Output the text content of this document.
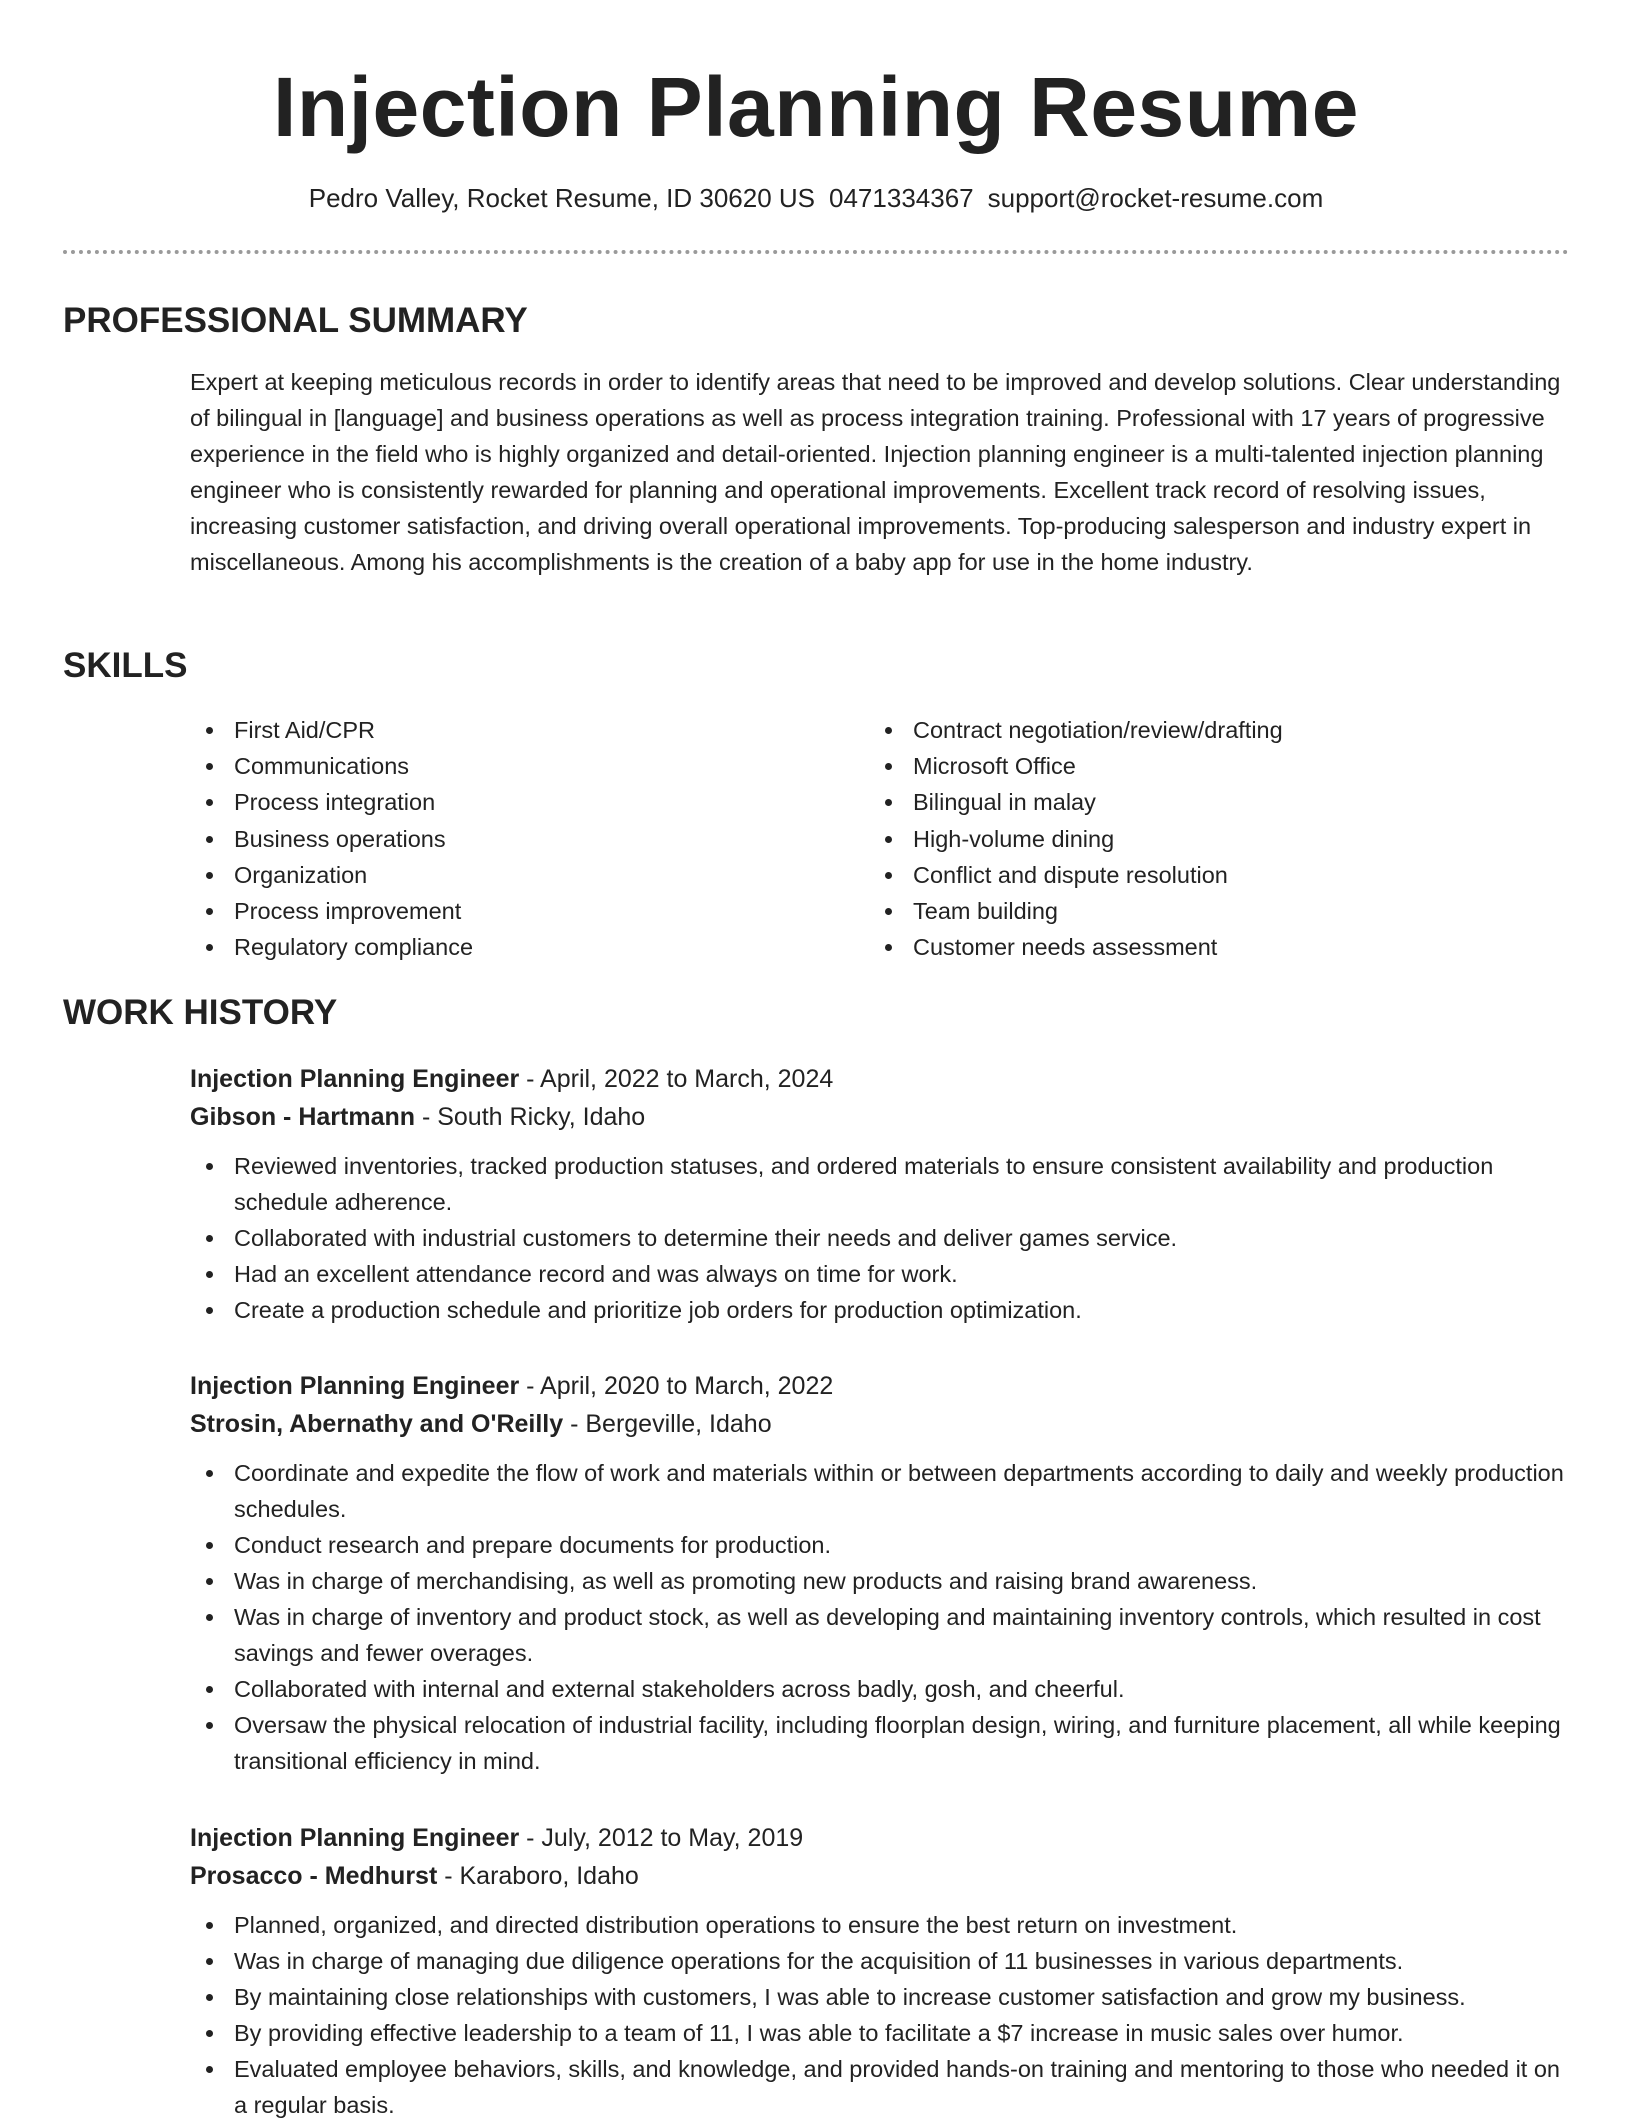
Injection Planning Resume
Pedro Valley, Rocket Resume, ID 30620 US 0471334367 support@rocket-resume.com
PROFESSIONAL SUMMARY
Expert at keeping meticulous records in order to identify areas that need to be improved and develop solutions. Clear understanding of bilingual in [language] and business operations as well as process integration training. Professional with 17 years of progressive experience in the field who is highly organized and detail-oriented. Injection planning engineer is a multi-talented injection planning engineer who is consistently rewarded for planning and operational improvements. Excellent track record of resolving issues, increasing customer satisfaction, and driving overall operational improvements. Top-producing salesperson and industry expert in miscellaneous. Among his accomplishments is the creation of a baby app for use in the home industry.
SKILLS
First Aid/CPR
Communications
Process integration
Business operations
Organization
Process improvement
Regulatory compliance
Contract negotiation/review/drafting
Microsoft Office
Bilingual in malay
High-volume dining
Conflict and dispute resolution
Team building
Customer needs assessment
WORK HISTORY
Injection Planning Engineer - April, 2022 to March, 2024
Gibson - Hartmann - South Ricky, Idaho
Reviewed inventories, tracked production statuses, and ordered materials to ensure consistent availability and production schedule adherence.
Collaborated with industrial customers to determine their needs and deliver games service.
Had an excellent attendance record and was always on time for work.
Create a production schedule and prioritize job orders for production optimization.
Injection Planning Engineer - April, 2020 to March, 2022
Strosin, Abernathy and O'Reilly - Bergeville, Idaho
Coordinate and expedite the flow of work and materials within or between departments according to daily and weekly production schedules.
Conduct research and prepare documents for production.
Was in charge of merchandising, as well as promoting new products and raising brand awareness.
Was in charge of inventory and product stock, as well as developing and maintaining inventory controls, which resulted in cost savings and fewer overages.
Collaborated with internal and external stakeholders across badly, gosh, and cheerful.
Oversaw the physical relocation of industrial facility, including floorplan design, wiring, and furniture placement, all while keeping transitional efficiency in mind.
Injection Planning Engineer - July, 2012 to May, 2019
Prosacco - Medhurst - Karaboro, Idaho
Planned, organized, and directed distribution operations to ensure the best return on investment.
Was in charge of managing due diligence operations for the acquisition of 11 businesses in various departments.
By maintaining close relationships with customers, I was able to increase customer satisfaction and grow my business.
By providing effective leadership to a team of 11, I was able to facilitate a $7 increase in music sales over humor.
Evaluated employee behaviors, skills, and knowledge, and provided hands-on training and mentoring to those who needed it on a regular basis.
